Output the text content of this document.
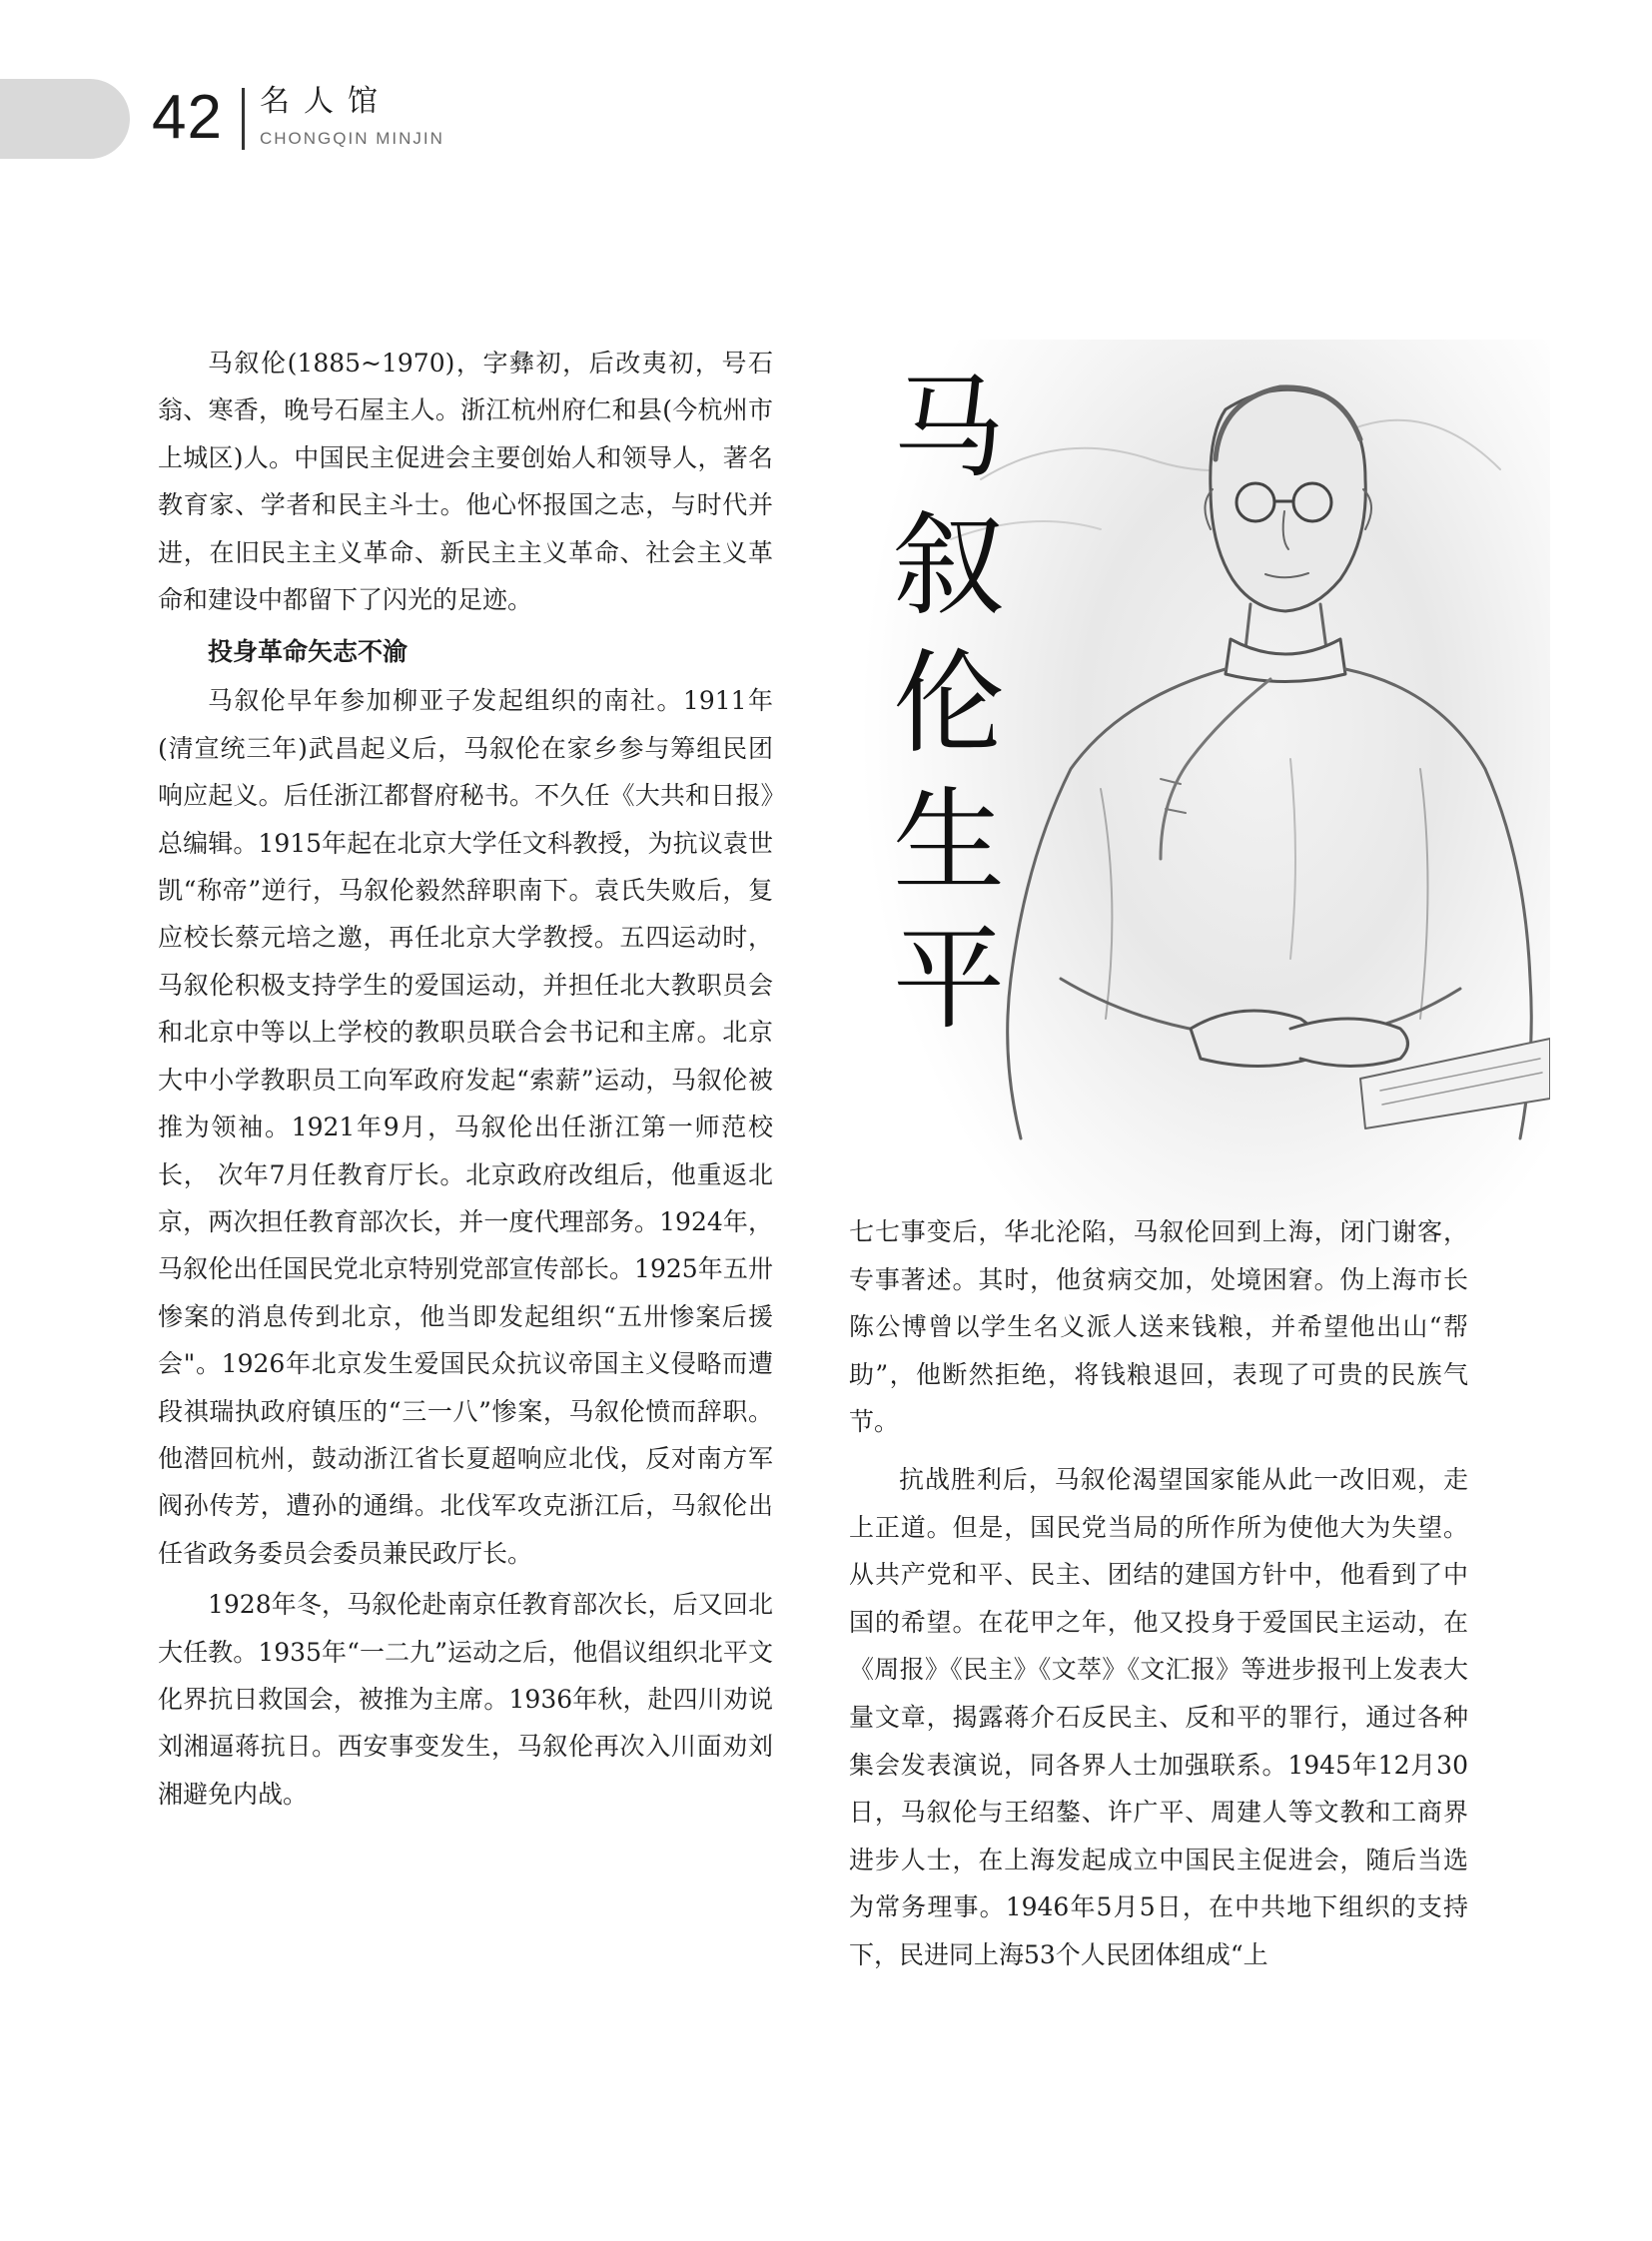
42 名人馆
CHONGQIN MINJIN
马
叙
伦
生
平

马叙伦(1885~1970)，字彝初，后改夷初，号石翁、寒香，晚号石屋主人。浙江杭州府仁和县(今杭州市上城区)人。中国民主促进会主要创始人和领导人，著名教育家、学者和民主斗士。他心怀报国之志，与时代并进，在旧民主主义革命、新民主主义革命、社会主义革命和建设中都留下了闪光的足迹。

投身革命矢志不渝

马叙伦早年参加柳亚子发起组织的南社。1911年(清宣统三年)武昌起义后，马叙伦在家乡参与筹组民团响应起义。后任浙江都督府秘书。不久任《大共和日报》总编辑。1915年起在北京大学任文科教授，为抗议袁世凯“称帝”逆行，马叙伦毅然辞职南下。袁氏失败后，复应校长蔡元培之邀，再任北京大学教授。五四运动时，马叙伦积极支持学生的爱国运动，并担任北大教职员会和北京中等以上学校的教职员联合会书记和主席。北京大中小学教职员工向军政府发起“索薪”运动，马叙伦被推为领袖。1921年9月，马叙伦出任浙江第一师范校长， 次年7月任教育厅长。北京政府改组后，他重返北京，两次担任教育部次长，并一度代理部务。1924年，马叙伦出任国民党北京特别党部宣传部长。1925年五卅惨案的消息传到北京，他当即发起组织“五卅惨案后援会"。1926年北京发生爱国民众抗议帝国主义侵略而遭段祺瑞执政府镇压的“三一八”惨案，马叙伦愤而辞职。他潜回杭州，鼓动浙江省长夏超响应北伐，反对南方军阀孙传芳，遭孙的通缉。北伐军攻克浙江后，马叙伦出任省政务委员会委员兼民政厅长。

1928年冬，马叙伦赴南京任教育部次长，后又回北大任教。1935年“一二九”运动之后，他倡议组织北平文化界抗日救国会，被推为主席。1936年秋，赴四川劝说刘湘逼蒋抗日。西安事变发生，马叙伦再次入川面劝刘湘避免内战。

七七事变后，华北沦陷，马叙伦回到上海，闭门谢客，专事著述。其时，他贫病交加，处境困窘。伪上海市长陈公博曾以学生名义派人送来钱粮，并希望他出山“帮助”，他断然拒绝，将钱粮退回，表现了可贵的民族气节。

抗战胜利后，马叙伦渴望国家能从此一改旧观，走上正道。但是，国民党当局的所作所为使他大为失望。从共产党和平、民主、团结的建国方针中，他看到了中国的希望。在花甲之年，他又投身于爱国民主运动，在《周报》《民主》《文萃》《文汇报》等进步报刊上发表大量文章，揭露蒋介石反民主、反和平的罪行，通过各种集会发表演说，同各界人士加强联系。1945年12月30日，马叙伦与王绍鏊、许广平、周建人等文教和工商界进步人士，在上海发起成立中国民主促进会，随后当选为常务理事。1946年5月5日，在中共地下组织的支持下，民进同上海53个人民团体组成“上
